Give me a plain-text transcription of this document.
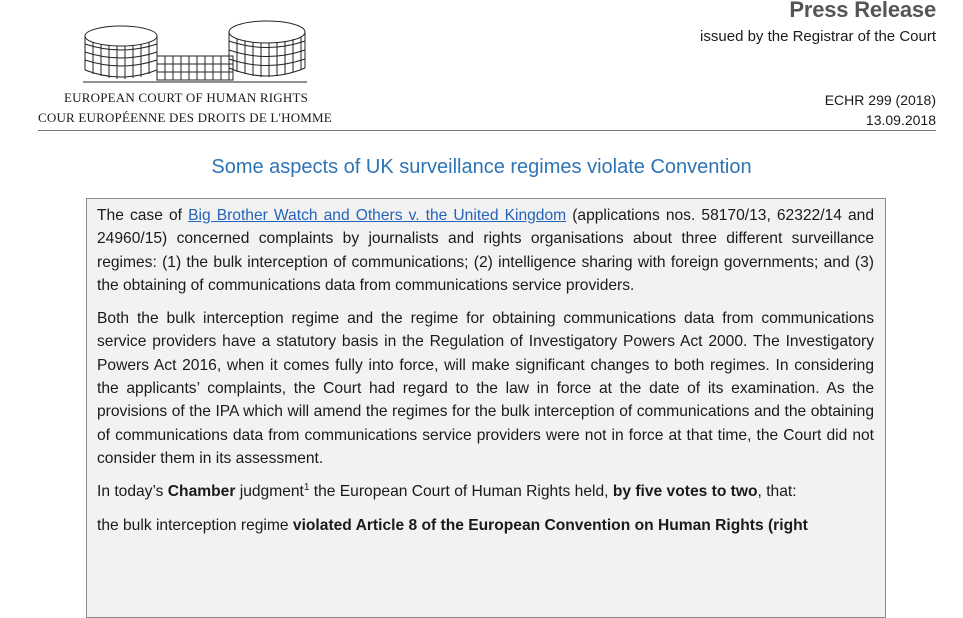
EUROPEAN COURT OF HUMAN RIGHTS
COUR EUROPÉENNE DES DROITS DE L'HOMME
Press Release
issued by the Registrar of the Court
ECHR 299 (2018)
13.09.2018
Some aspects of UK surveillance regimes violate Convention

The case of Big Brother Watch and Others v. the United Kingdom (applications nos. 58170/13, 62322/14 and 24960/15) concerned complaints by journalists and rights organisations about three different surveillance regimes: (1) the bulk interception of communications; (2) intelligence sharing with foreign governments; and (3) the obtaining of communications data from communications service providers.

Both the bulk interception regime and the regime for obtaining communications data from communications service providers have a statutory basis in the Regulation of Investigatory Powers Act 2000. The Investigatory Powers Act 2016, when it comes fully into force, will make significant changes to both regimes. In considering the applicants’ complaints, the Court had regard to the law in force at the date of its examination. As the provisions of the IPA which will amend the regimes for the bulk interception of communications and the obtaining of communications data from communications service providers were not in force at that time, the Court did not consider them in its assessment.

In today’s Chamber judgment$^1$ the European Court of Human Rights held, by five votes to two, that:

the bulk interception regime violated Article 8 of the European Convention on Human Rights (right
